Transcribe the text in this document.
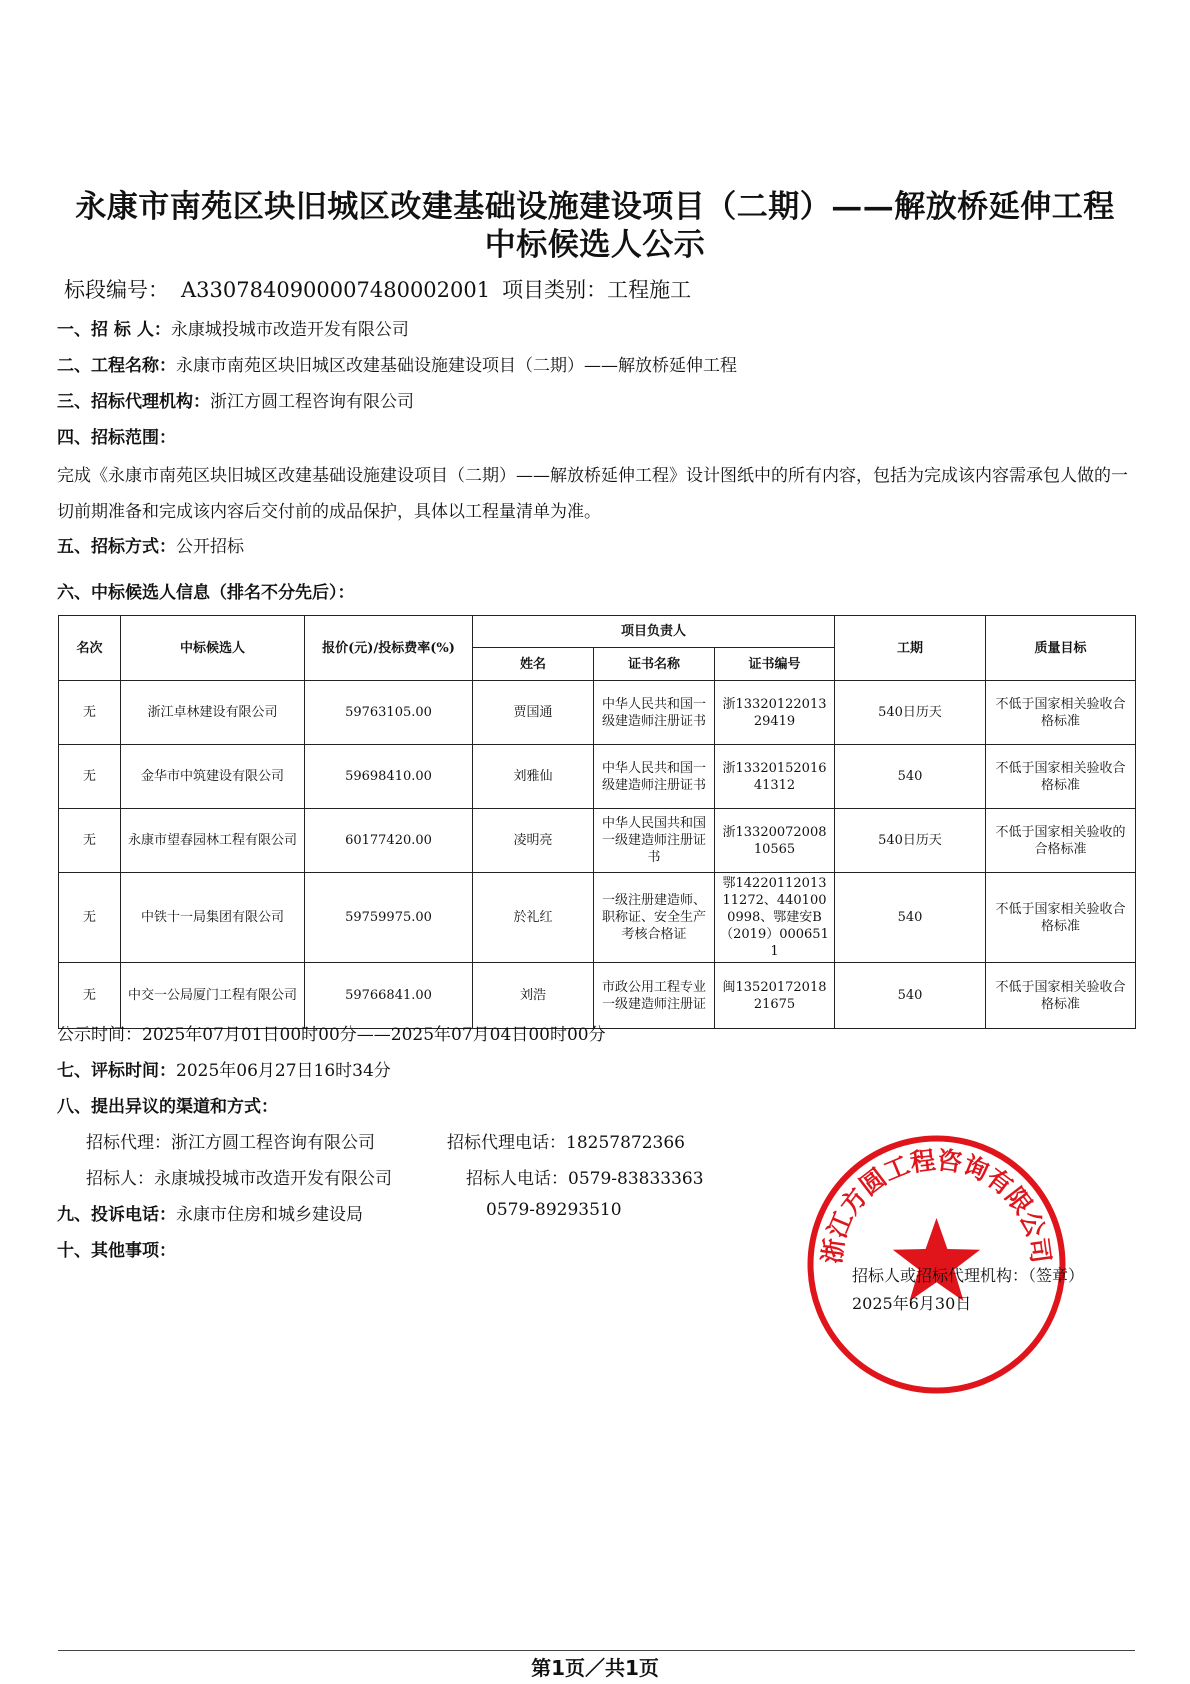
永康市南苑区块旧城区改建基础设施建设项目（二期）——解放桥延伸工程
中标候选人公示
标段编号： A3307840900007480002001 项目类别：工程施工
一、招 标 人：永康城投城市改造开发有限公司
二、工程名称：永康市南苑区块旧城区改建基础设施建设项目（二期）——解放桥延伸工程
三、招标代理机构：浙江方圆工程咨询有限公司
四、招标范围：
完成《永康市南苑区块旧城区改建基础设施建设项目（二期）——解放桥延伸工程》设计图纸中的所有内容，包括为完成该内容需承包人做的一切前期准备和完成该内容后交付前的成品保护，具体以工程量清单为准。
五、招标方式：公开招标
六、中标候选人信息（排名不分先后）：
名次	中标候选人	报价(元)/投标费率(%)	项目负责人			工期	质量目标
			姓名	证书名称	证书编号		
无	浙江卓林建设有限公司	59763105.00	贾国通	中华人民共和国一级建造师注册证书	浙1332012201329419	540日历天	不低于国家相关验收合格标准
无	金华市中筑建设有限公司	59698410.00	刘雅仙	中华人民共和国一级建造师注册证书	浙1332015201641312	540	不低于国家相关验收合格标准
无	永康市望春园林工程有限公司	60177420.00	凌明亮	中华人民国共和国一级建造师注册证书	浙1332007200810565	540日历天	不低于国家相关验收的合格标准
无	中铁十一局集团有限公司	59759975.00	於礼红	一级注册建造师、职称证、安全生产考核合格证	鄂1422011201311272、4401000998、鄂建安B（2019）0006511	540	不低于国家相关验收合格标准
无	中交一公局厦门工程有限公司	59766841.00	刘浩	市政公用工程专业一级建造师注册证	闽1352017201821675	540	不低于国家相关验收合格标准
公示时间：2025年07月01日00时00分——2025年07月04日00时00分
七、评标时间：2025年06月27日16时34分
八、提出异议的渠道和方式：
招标代理：浙江方圆工程咨询有限公司	招标代理电话：18257872366
招标人：永康城投城市改造开发有限公司	招标人电话：0579-83833363
九、投诉电话：永康市住房和城乡建设局	0579-89293510
十、其他事项：	浙江方圆工程咨询有限公司
招标人或招标代理机构：（签章）
2025年6月30日
第1页／共1页
